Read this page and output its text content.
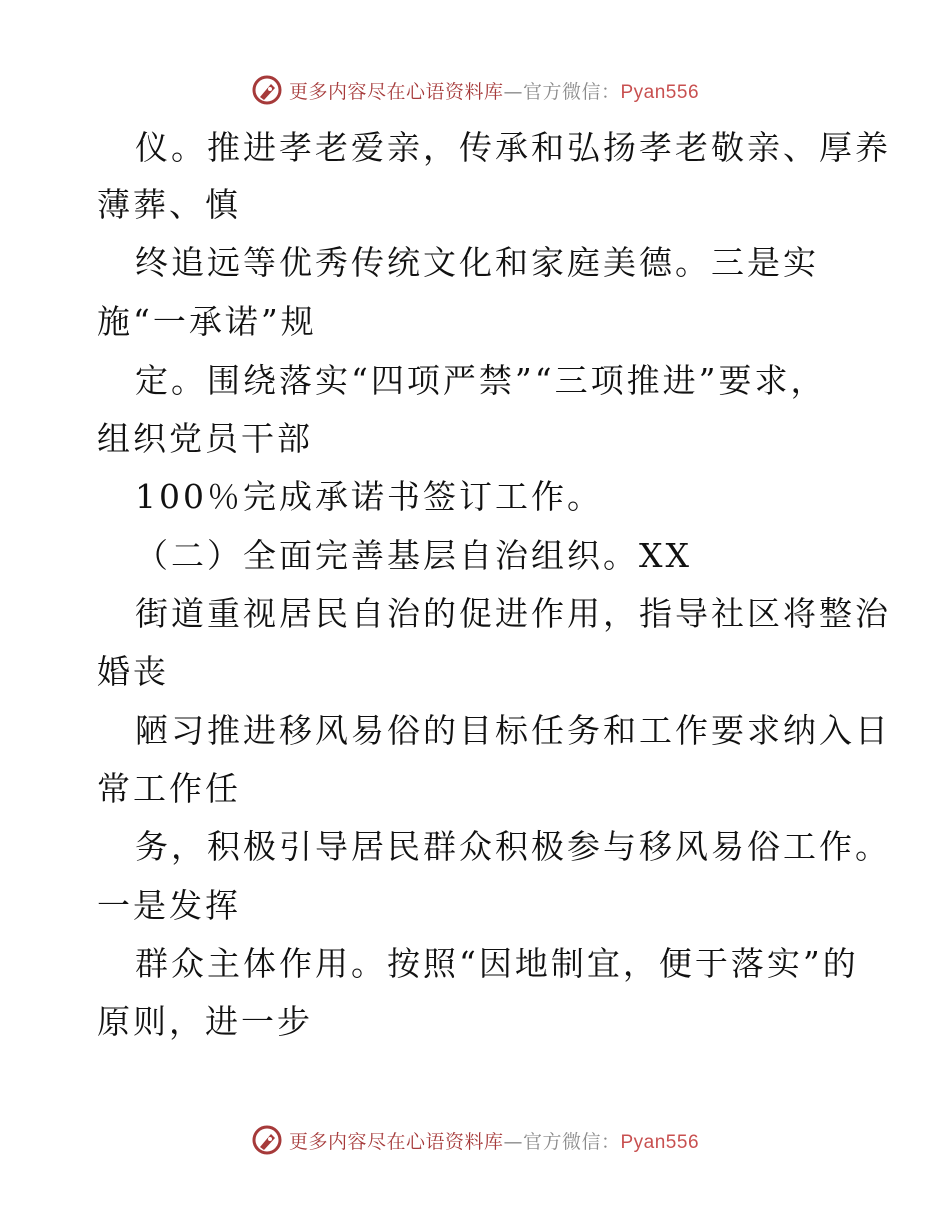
更多内容尽在心语资料库—官方微信：Pyan556
仪。推进孝老爱亲，传承和弘扬孝老敬亲、厚养
薄葬、慎
终追远等优秀传统文化和家庭美德。三是实
施“一承诺”规
定。围绕落实“四项严禁”“三项推进”要求，
组织党员干部
100％完成承诺书签订工作。
（二）全面完善基层自治组织。XX
街道重视居民自治的促进作用，指导社区将整治
婚丧
陋习推进移风易俗的目标任务和工作要求纳入日
常工作任
务，积极引导居民群众积极参与移风易俗工作。
一是发挥
群众主体作用。按照“因地制宜，便于落实”的
原则，进一步
更多内容尽在心语资料库—官方微信：Pyan556
